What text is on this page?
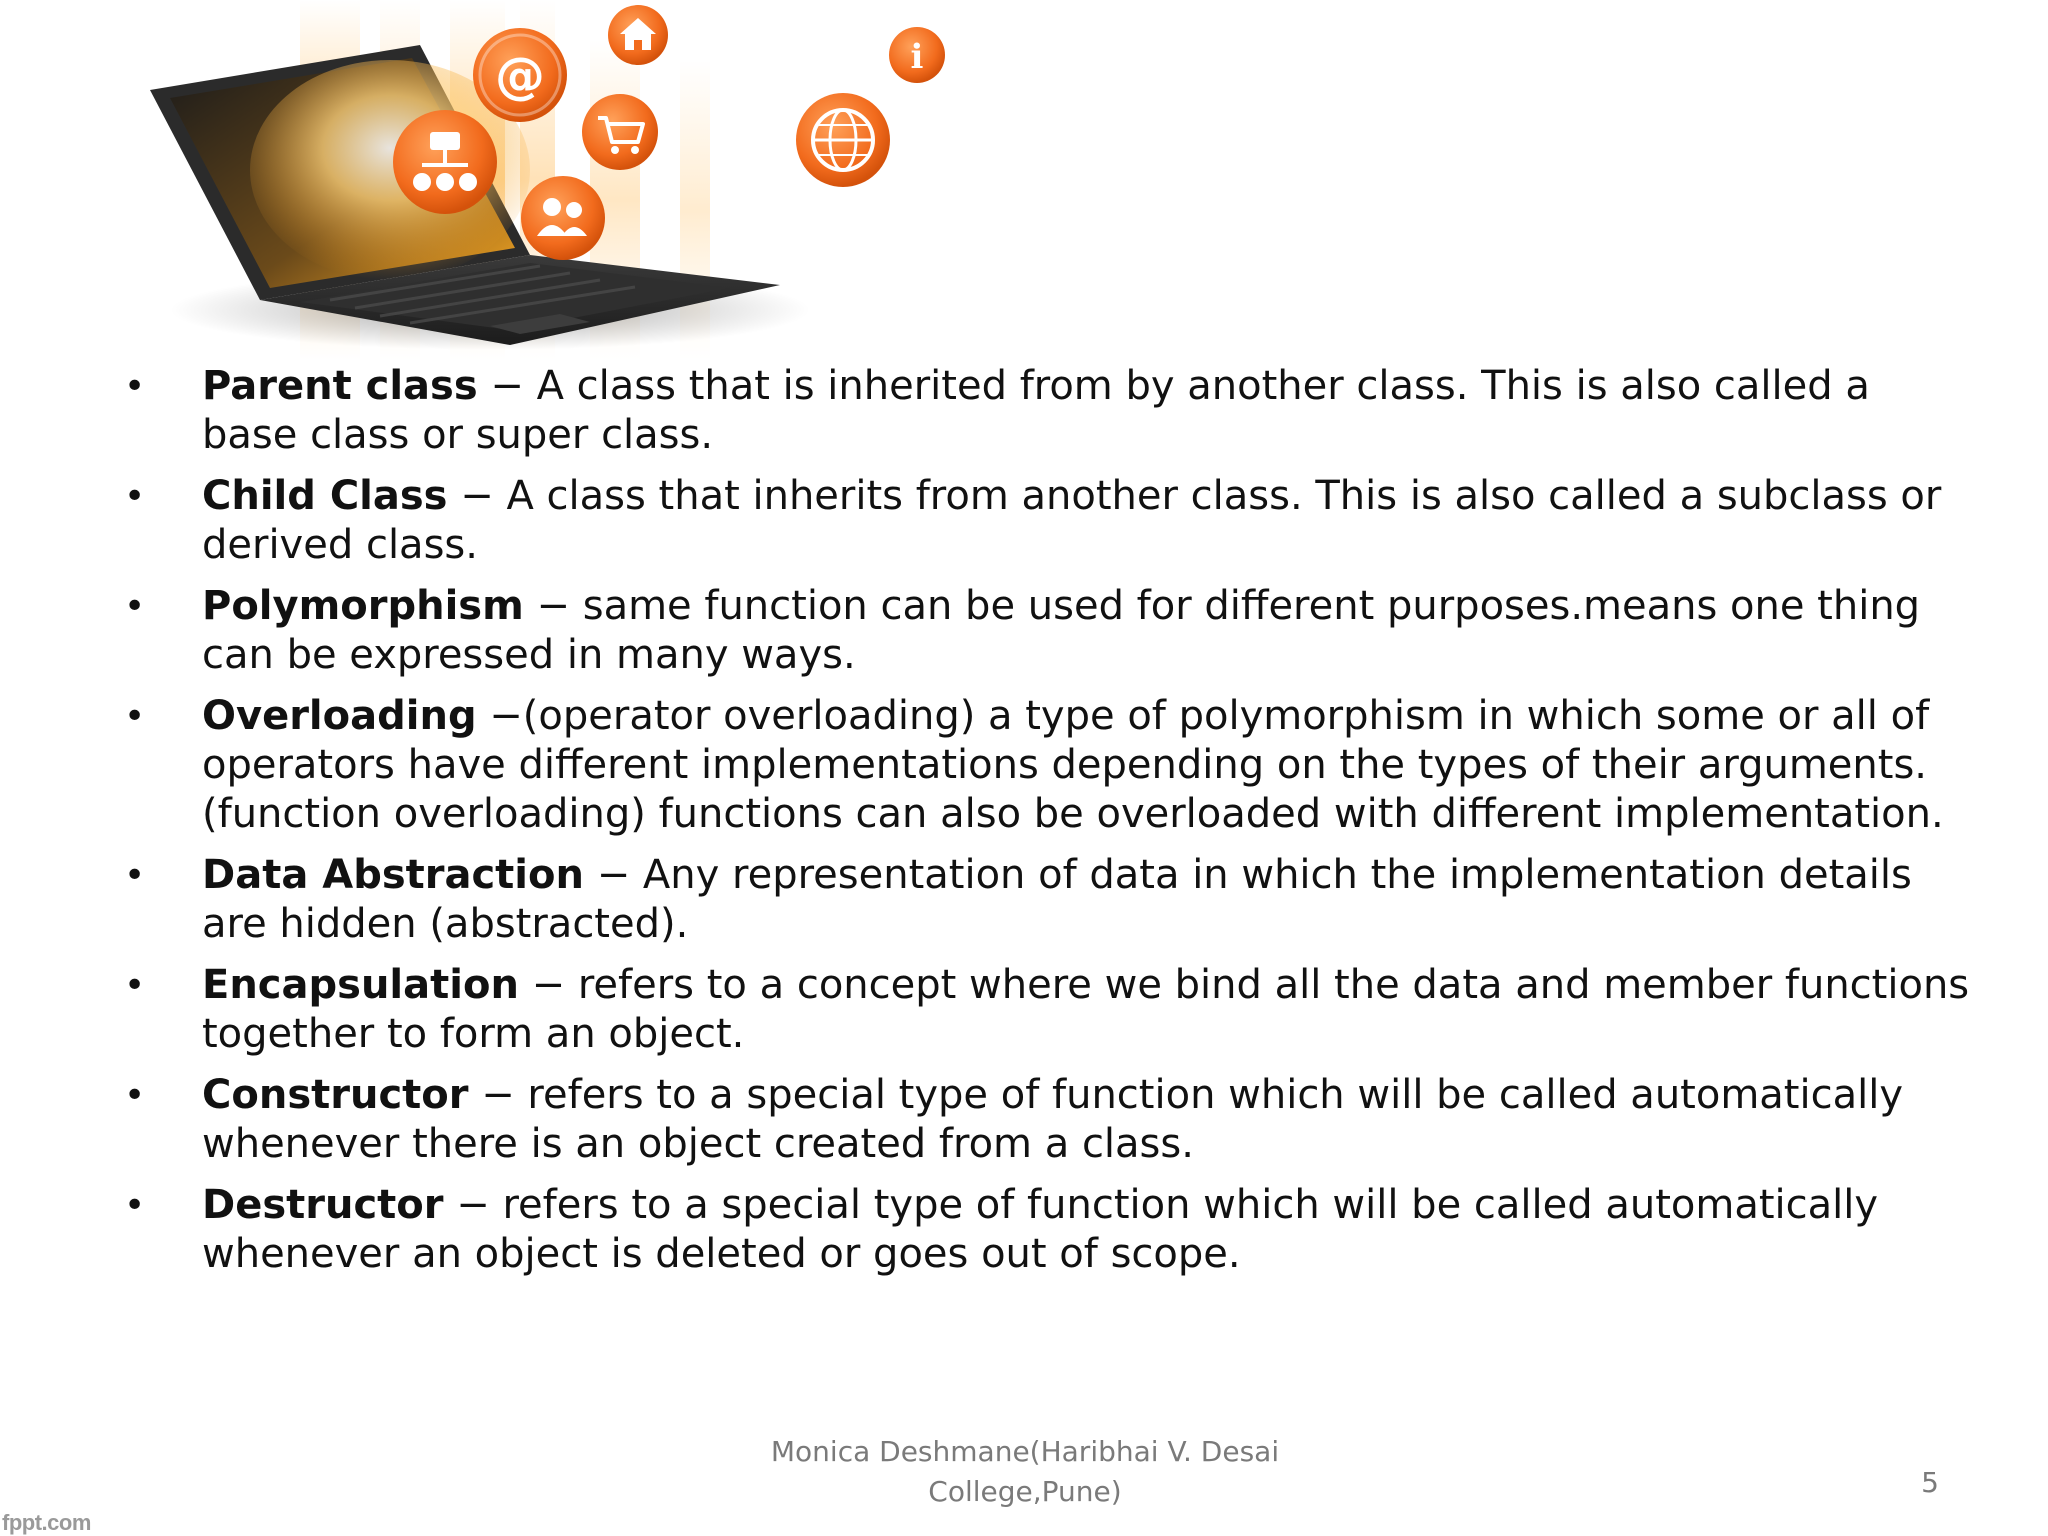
@	i
• Parent class − A class that is inherited from by another class. This is also called a base class or super class.
• Child Class − A class that inherits from another class. This is also called a subclass or derived class.
• Polymorphism − same function can be used for different purposes.means one thing can be expressed in many ways.
• Overloading −(operator overloading) a type of polymorphism in which some or all of operators have different implementations depending on the types of their arguments. (function overloading) functions can also be overloaded with different implementation.
• Data Abstraction − Any representation of data in which the implementation details are hidden (abstracted).
• Encapsulation − refers to a concept where we bind all the data and member functions together to form an object.
• Constructor − refers to a special type of function which will be called automatically whenever there is an object created from a class.
• Destructor − refers to a special type of function which will be called automatically whenever an object is deleted or goes out of scope.
Monica Deshmane(Haribhai V. Desai
College,Pune)	5
fppt.com
